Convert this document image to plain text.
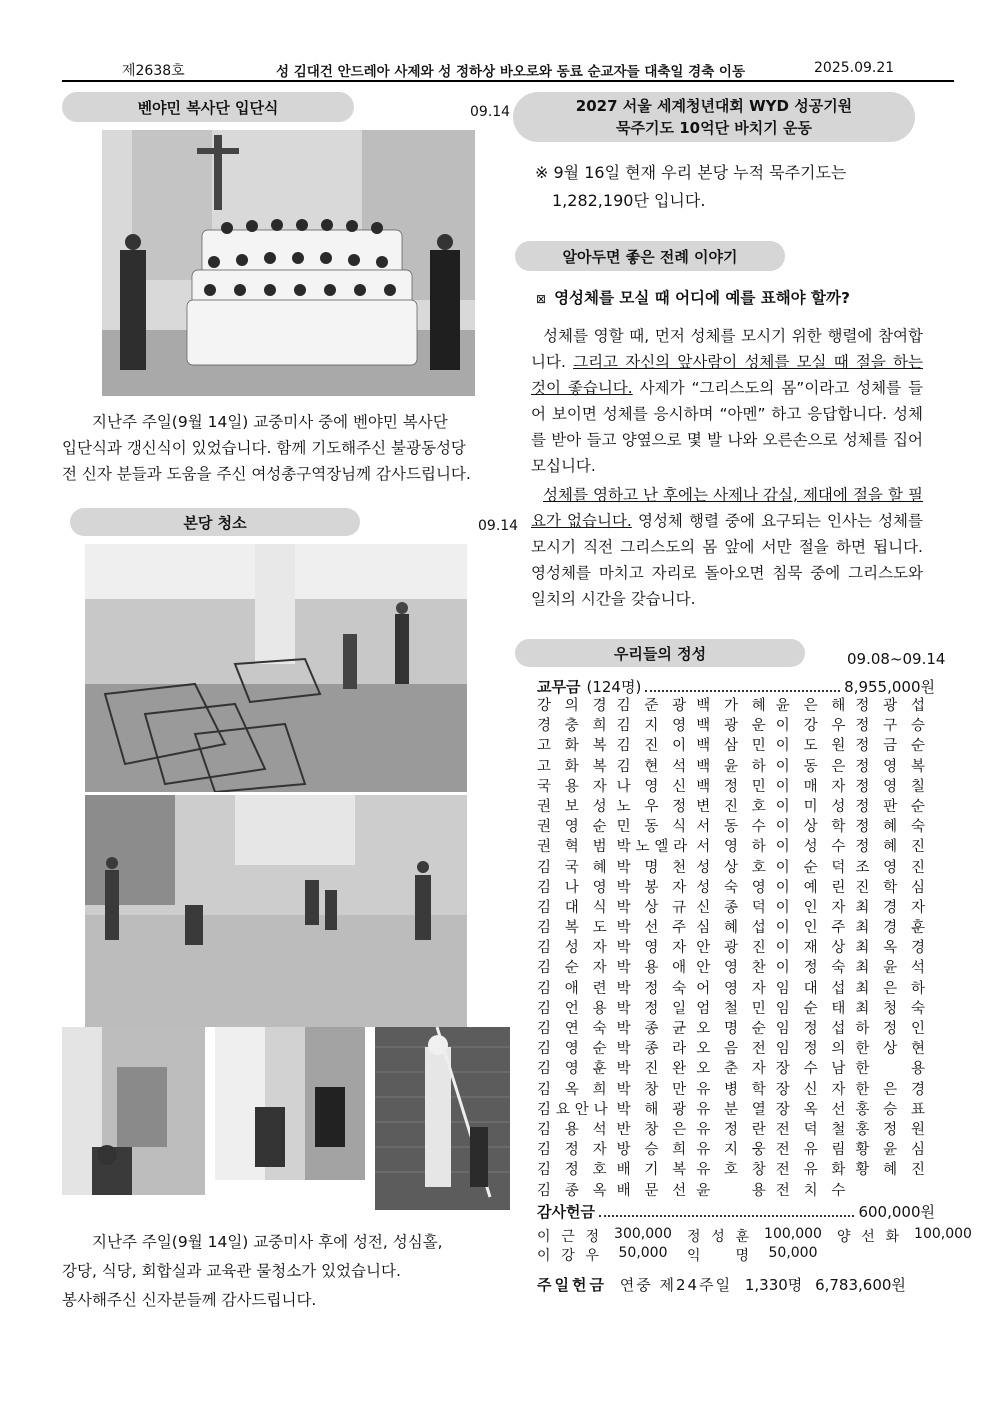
제2638호	성 김대건 안드레아 사제와 성 정하상 바오로와 동료 순교자들 대축일 경축 이동	2025.09.21
벤야민 복사단 입단식	09.14
지난주 주일(9월 14일) 교중미사 중에 벤야민 복사단
입단식과 갱신식이 있었습니다. 함께 기도해주신 불광동성당
전 신자 분들과 도움을 주신 여성총구역장님께 감사드립니다.
본당 청소	09.14
지난주 주일(9월 14일) 교중미사 후에 성전, 성심홀,
강당, 식당, 회합실과 교육관 물청소가 있었습니다.
봉사해주신 신자분들께 감사드립니다.
2027 서울 세계청년대회 WYD 성공기원
묵주기도 10억단 바치기 운동
※ 9월 16일 현재 우리 본당 누적 묵주기도는
1,282,190단 입니다.
알아두면 좋은 전례 이야기
⊠ 영성체를 모실 때 어디에 예를 표해야 할까?
성체를 영할 때, 먼저 성체를 모시기 위한 행렬에 참여합니다. 그리고 자신의 앞사람이 성체를 모실 때 절을 하는 것이 좋습니다. 사제가 “그리스도의 몸”이라고 성체를 들어 보이면 성체를 응시하며 “아멘” 하고 응답합니다. 성체를 받아 들고 양옆으로 몇 발 나와 오른손으로 성체를 집어 모십니다.
성체를 영하고 난 후에는 사제나 감실, 제대에 절을 할 필요가 없습니다. 영성체 행렬 중에 요구되는 인사는 성체를 모시기 직전 그리스도의 몸 앞에 서만 절을 하면 됩니다. 영성체를 마치고 자리로 돌아오면 침묵 중에 그리스도와 일치의 시간을 갖습니다.
우리들의 정성	09.08~09.14
교무금 (124명)	8,955,000원
강 의 경 김 준 광 백 가 혜 윤 은 해 정 광 섭
경 충 희 김 지 영 백 광 운 이 강 우 정 구 승
고 화 복 김 진 이 백 삼 민 이 도 원 정 금 순
고 화 복 김 현 석 백 윤 하 이 동 은 정 영 복
국 용 자 나 영 신 백 정 민 이 매 자 정 영 칠
권 보 성 노 우 정 변 진 호 이 미 성 정 판 순
권 영 순 민 동 식 서 동 수 이 상 학 정 혜 숙
권 혁 범 박 노 엘 라 서 영 하 이 성 수 정 혜 진
김 국 혜 박 명 천 성 상 호 이 순 덕 조 영 진
김 나 영 박 봉 자 성 숙 영 이 예 린 진 학 심
김 대 식 박 상 규 신 종 덕 이 인 자 최 경 자
김 복 도 박 선 주 심 혜 섭 이 인 주 최 경 훈
김 성 자 박 영 자 안 광 진 이 재 상 최 옥 경
김 순 자 박 용 애 안 영 찬 이 정 숙 최 윤 석
김 애 련 박 정 숙 어 영 자 임 대 섭 최 은 하
김 언 용 박 정 일 엄 철 민 임 순 태 최 청 숙
김 연 숙 박 종 균 오 명 순 임 정 섭 하 정 인
김 영 순 박 종 라 오 음 전 임 정 의 한 상 현
김 영 훈 박 진 완 오 춘 자 장 수 남 한	용
김 옥 희 박 창 만 유 병 학 장 신 자 한 은 경
김 요 안 나 박 해 광 유 분 열 장 옥 선 홍 승 표
김 용 석 반 창 은 유 정 란 전 덕 철 홍 정 원
김 정 자 방 승 희 유 지 웅 전 유 림 황 윤 심
김 정 호 배 기 복 유 호 창 전 유 화 황 혜 진
김 종 옥 배 문 선 윤	용 전 치 수
감사헌금	600,000원
이 근 정	300,000	정 성 훈	100,000	양 선 화	100,000
이 강 우	50,000	익 명	50,000
주일헌금 연중 제24주일 1,330명 6,783,600원
